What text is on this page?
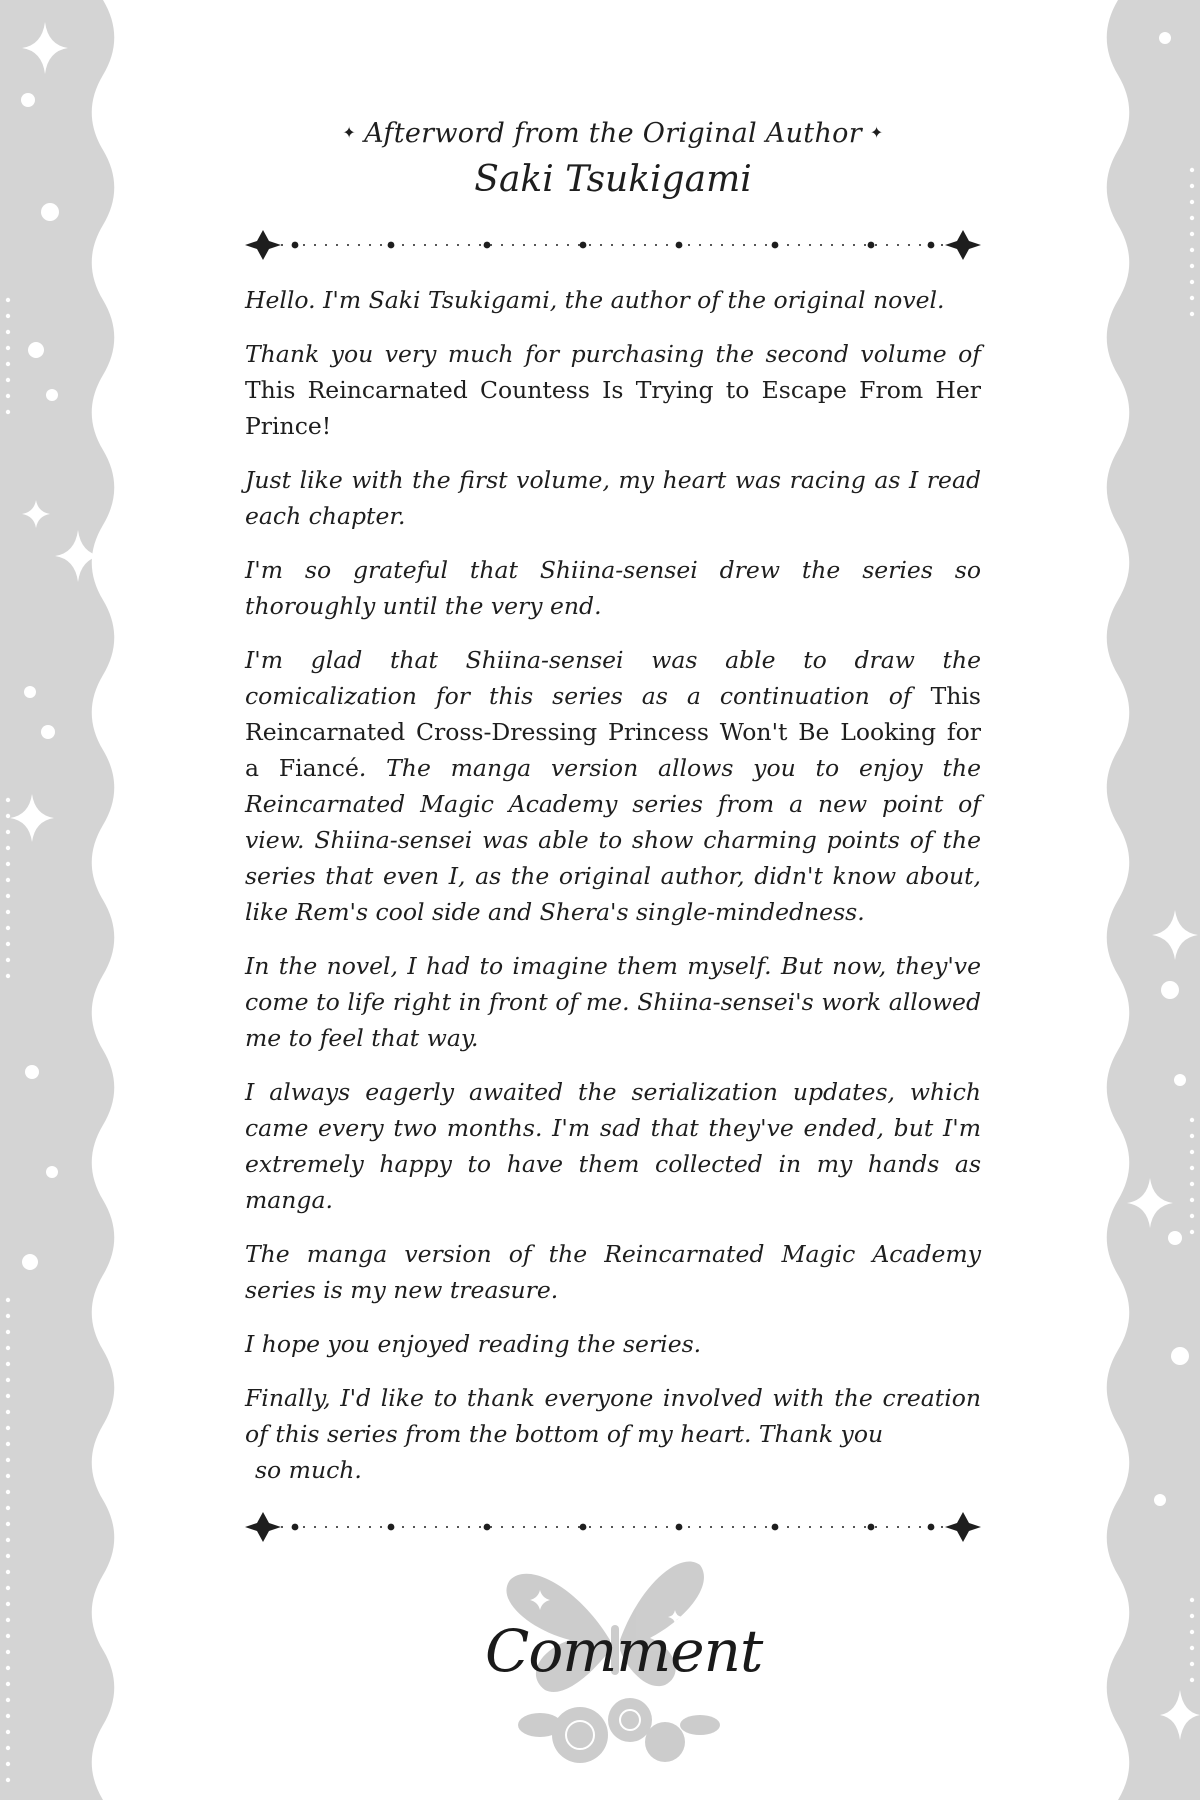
✦ Afterword from the Original Author ✦
Saki Tsukigami

Hello. I'm Saki Tsukigami, the author of the original novel.

Thank you very much for purchasing the second volume of This Reincarnated Countess Is Trying to Escape From Her Prince!

Just like with the first volume, my heart was racing as I read each chapter.

I'm so grateful that Shiina-sensei drew the series so thoroughly until the very end.

I'm glad that Shiina-sensei was able to draw the comicalization for this series as a continuation of This Reincarnated Cross-Dressing Princess Won't Be Looking for a Fiancé. The manga version allows you to enjoy the Reincarnated Magic Academy series from a new point of view. Shiina-sensei was able to show charming points of the series that even I, as the original author, didn't know about, like Rem's cool side and Shera's single-mindedness.

In the novel, I had to imagine them myself. But now, they've come to life right in front of me. Shiina-sensei's work allowed me to feel that way.

I always eagerly awaited the serialization updates, which came every two months. I'm sad that they've ended, but I'm extremely happy to have them collected in my hands as manga.

The manga version of the Reincarnated Magic Academy series is my new treasure.

I hope you enjoyed reading the series.

Finally, I'd like to thank everyone involved with the creation of this series from the bottom of my heart. Thank you
so much.

Comment
